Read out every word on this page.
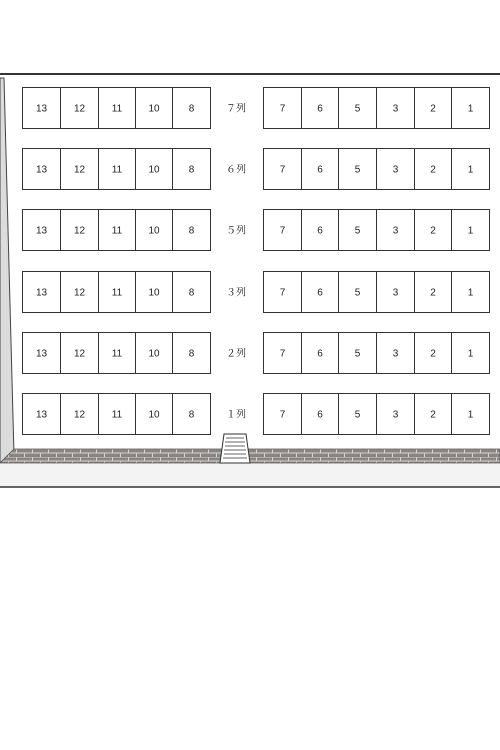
13	12	11	10	8	７列	7	6	5	3	2	1
13	12	11	10	8	６列	7	6	5	3	2	1
13	12	11	10	8	５列	7	6	5	3	2	1
13	12	11	10	8	３列	7	6	5	3	2	1
13	12	11	10	8	２列	7	6	5	3	2	1
13	12	11	10	8	１列	7	6	5	3	2	1
